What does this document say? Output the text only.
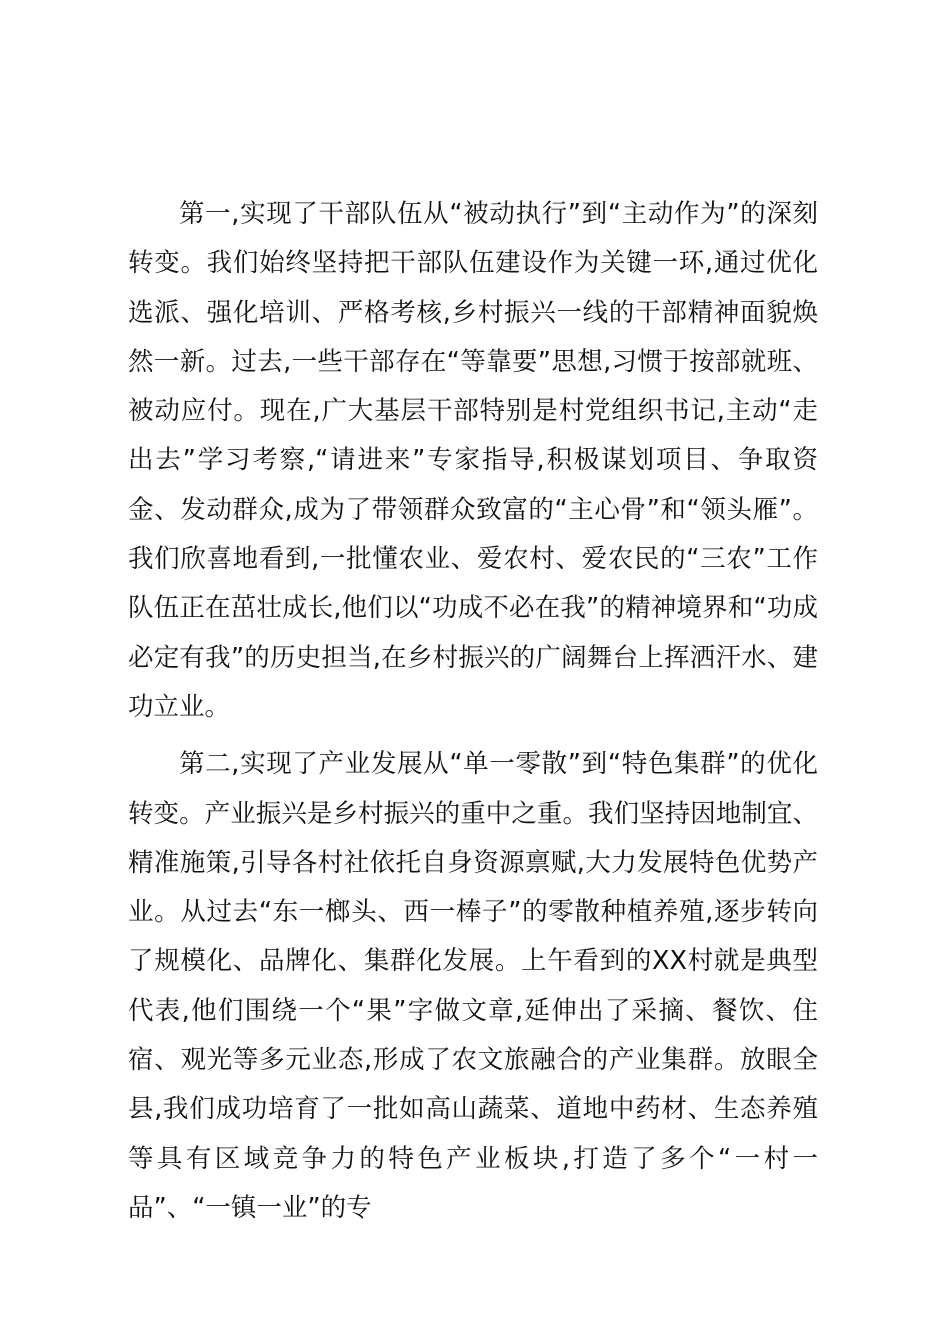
第一,实现了干部队伍从“被动执行”到“主动作为”的深刻转变。我们始终坚持把干部队伍建设作为关键一环,通过优化选派、强化培训、严格考核,乡村振兴一线的干部精神面貌焕然一新。过去,一些干部存在“等靠要”思想,习惯于按部就班、被动应付。现在,广大基层干部特别是村党组织书记,主动“走出去”学习考察,“请进来”专家指导,积极谋划项目、争取资金、发动群众,成为了带领群众致富的“主心骨”和“领头雁”。我们欣喜地看到,一批懂农业、爱农村、爱农民的“三农”工作队伍正在茁壮成长,他们以“功成不必在我”的精神境界和“功成必定有我”的历史担当,在乡村振兴的广阔舞台上挥洒汗水、建功立业。

第二,实现了产业发展从“单一零散”到“特色集群”的优化转变。产业振兴是乡村振兴的重中之重。我们坚持因地制宜、精准施策,引导各村社依托自身资源禀赋,大力发展特色优势产业。从过去“东一榔头、西一棒子”的零散种植养殖,逐步转向了规模化、品牌化、集群化发展。上午看到的XX村就是典型代表,他们围绕一个“果”字做文章,延伸出了采摘、餐饮、住宿、观光等多元业态,形成了农文旅融合的产业集群。放眼全县,我们成功培育了一批如高山蔬菜、道地中药材、生态养殖等具有区域竞争力的特色产业板块,打造了多个“一村一品”、“一镇一业”的专
